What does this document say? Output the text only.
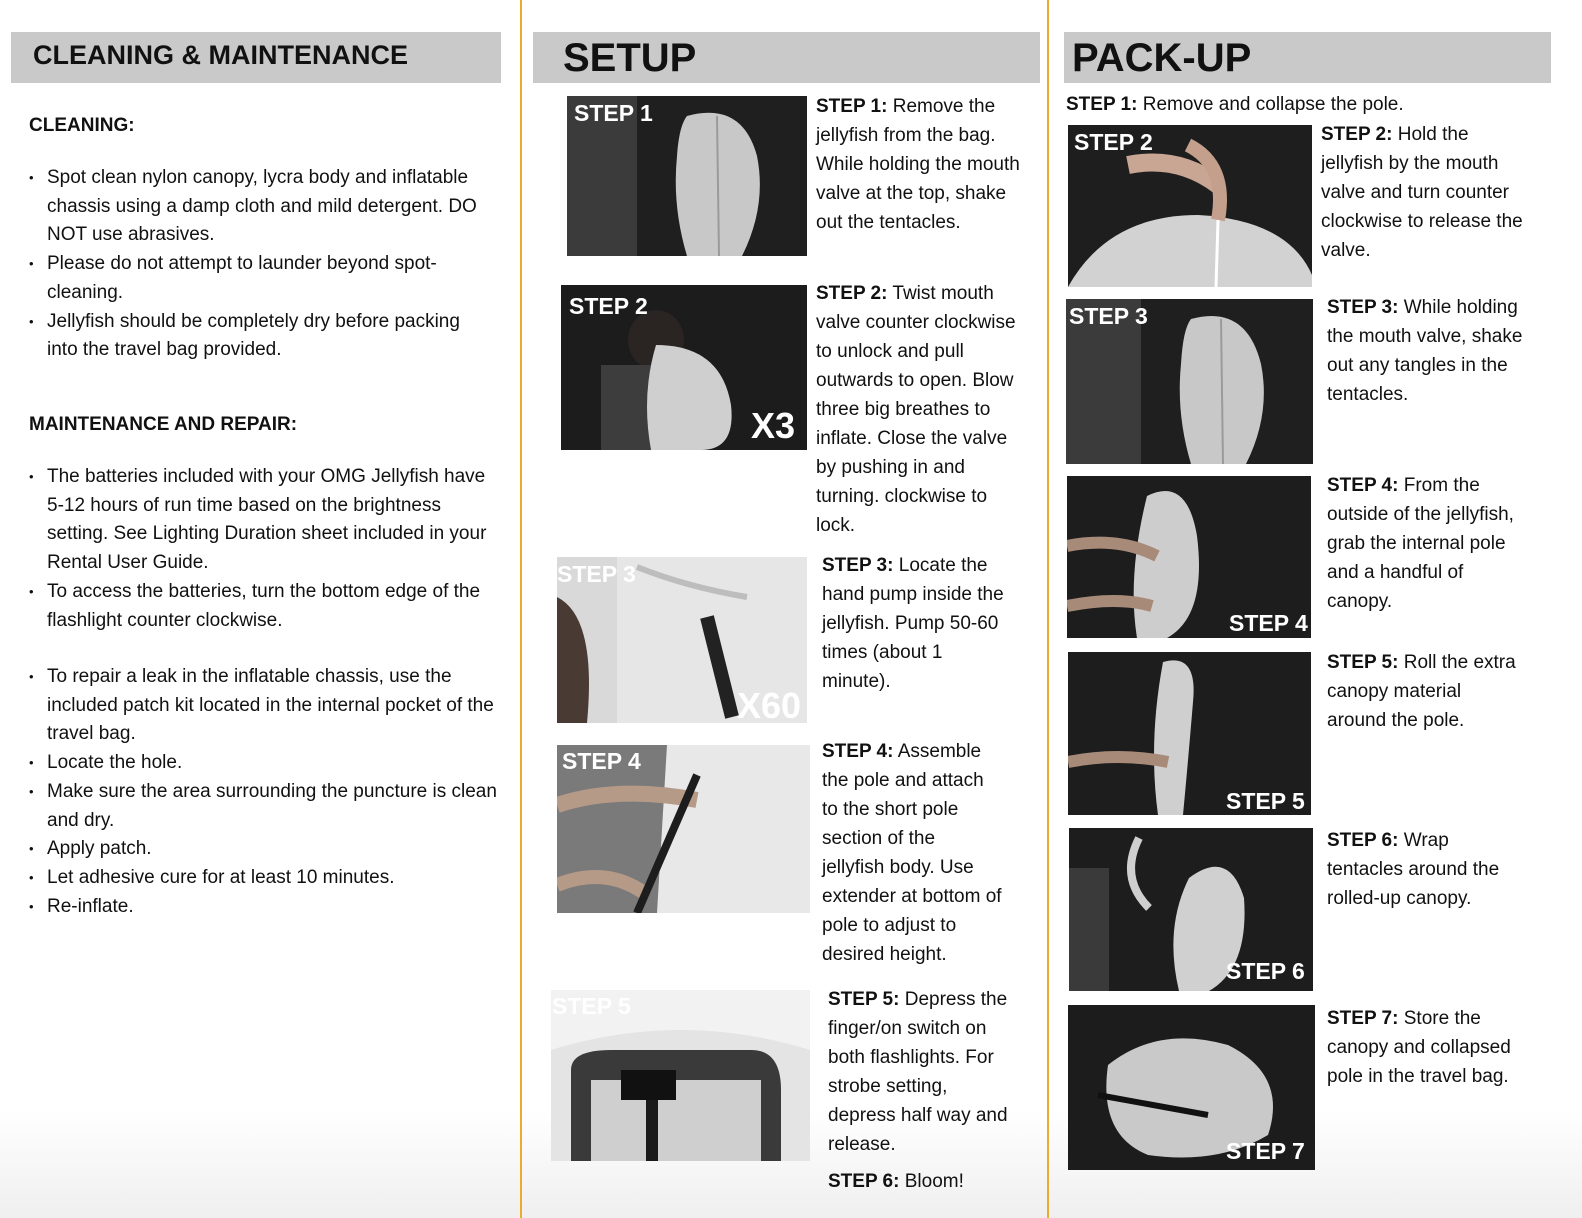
CLEANING & MAINTENANCE
CLEANING:
• Spot clean nylon canopy, lycra body and inflatable chassis using a damp cloth and mild detergent. DO NOT use abrasives.
• Please do not attempt to launder beyond spot-cleaning.
• Jellyfish should be completely dry before packing into the travel bag provided.
MAINTENANCE AND REPAIR:
• The batteries included with your OMG Jellyfish have 5-12 hours of run time based on the brightness setting. See Lighting Duration sheet included in your Rental User Guide.
• To access the batteries, turn the bottom edge of the flashlight counter clockwise.
• To repair a leak in the inflatable chassis, use the included patch kit located in the internal pocket of the travel bag.
• Locate the hole.
• Make sure the area surrounding the puncture is clean and dry.
• Apply patch.
• Let adhesive cure for at least 10 minutes.
• Re-inflate.
SETUP
STEP 1
STEP 2
X3
STEP 3
X60
STEP 4
STEP 5
STEP 1: Remove the jellyfish from the bag. While holding the mouth valve at the top, shake out the tentacles.
STEP 2: Twist mouth valve counter clockwise to unlock and pull outwards to open. Blow three big breathes to inflate. Close the valve by pushing in and turning. clockwise to lock.
STEP 3: Locate the hand pump inside the jellyfish. Pump 50-60 times (about 1 minute).
STEP 4: Assemble the pole and attach to the short pole section of the jellyfish body. Use extender at bottom of pole to adjust to desired height.
STEP 5: Depress the finger/on switch on both flashlights. For strobe setting, depress half way and release.
STEP 6: Bloom!
PACK-UP
STEP 1: Remove and collapse the pole.
STEP 2
STEP 3
STEP 4
STEP 5
STEP 6
STEP 7
STEP 2: Hold the jellyfish by the mouth valve and turn counter clockwise to release the valve.
STEP 3: While holding the mouth valve, shake out any tangles in the tentacles.
STEP 4: From the outside of the jellyfish, grab the internal pole and a handful of canopy.
STEP 5: Roll the extra canopy material around the pole.
STEP 6: Wrap tentacles around the rolled-up canopy.
STEP 7: Store the canopy and collapsed pole in the travel bag.
